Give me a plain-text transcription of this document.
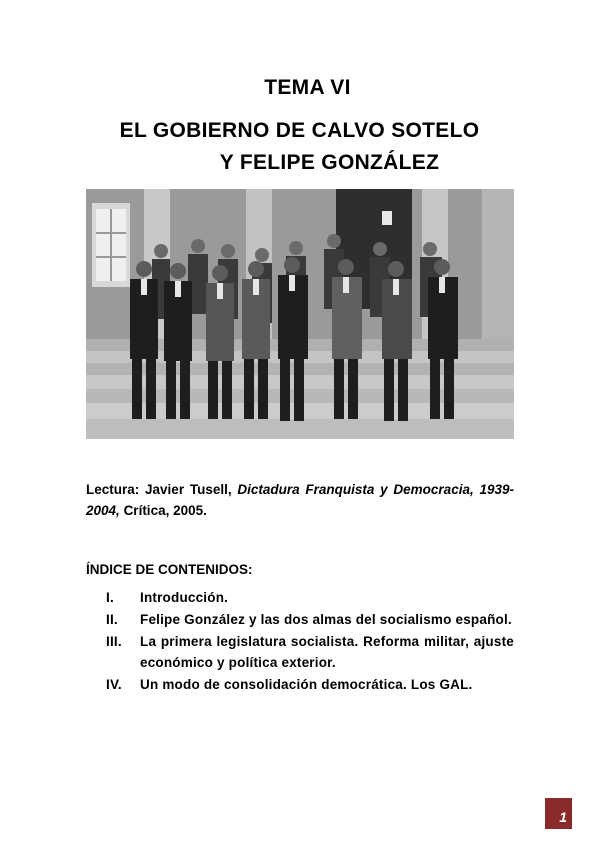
TEMA VI
EL GOBIERNO DE CALVO SOTELO
Y FELIPE GONZÁLEZ
Lectura: Javier Tusell, Dictadura Franquista y Democracia, 1939-2004, Crítica, 2005.
ÍNDICE DE CONTENIDOS:
I. Introducción.
II. Felipe González y las dos almas del socialismo español.
III. La primera legislatura socialista. Reforma militar, ajuste económico y política exterior.
IV. Un modo de consolidación democrática. Los GAL.
1
